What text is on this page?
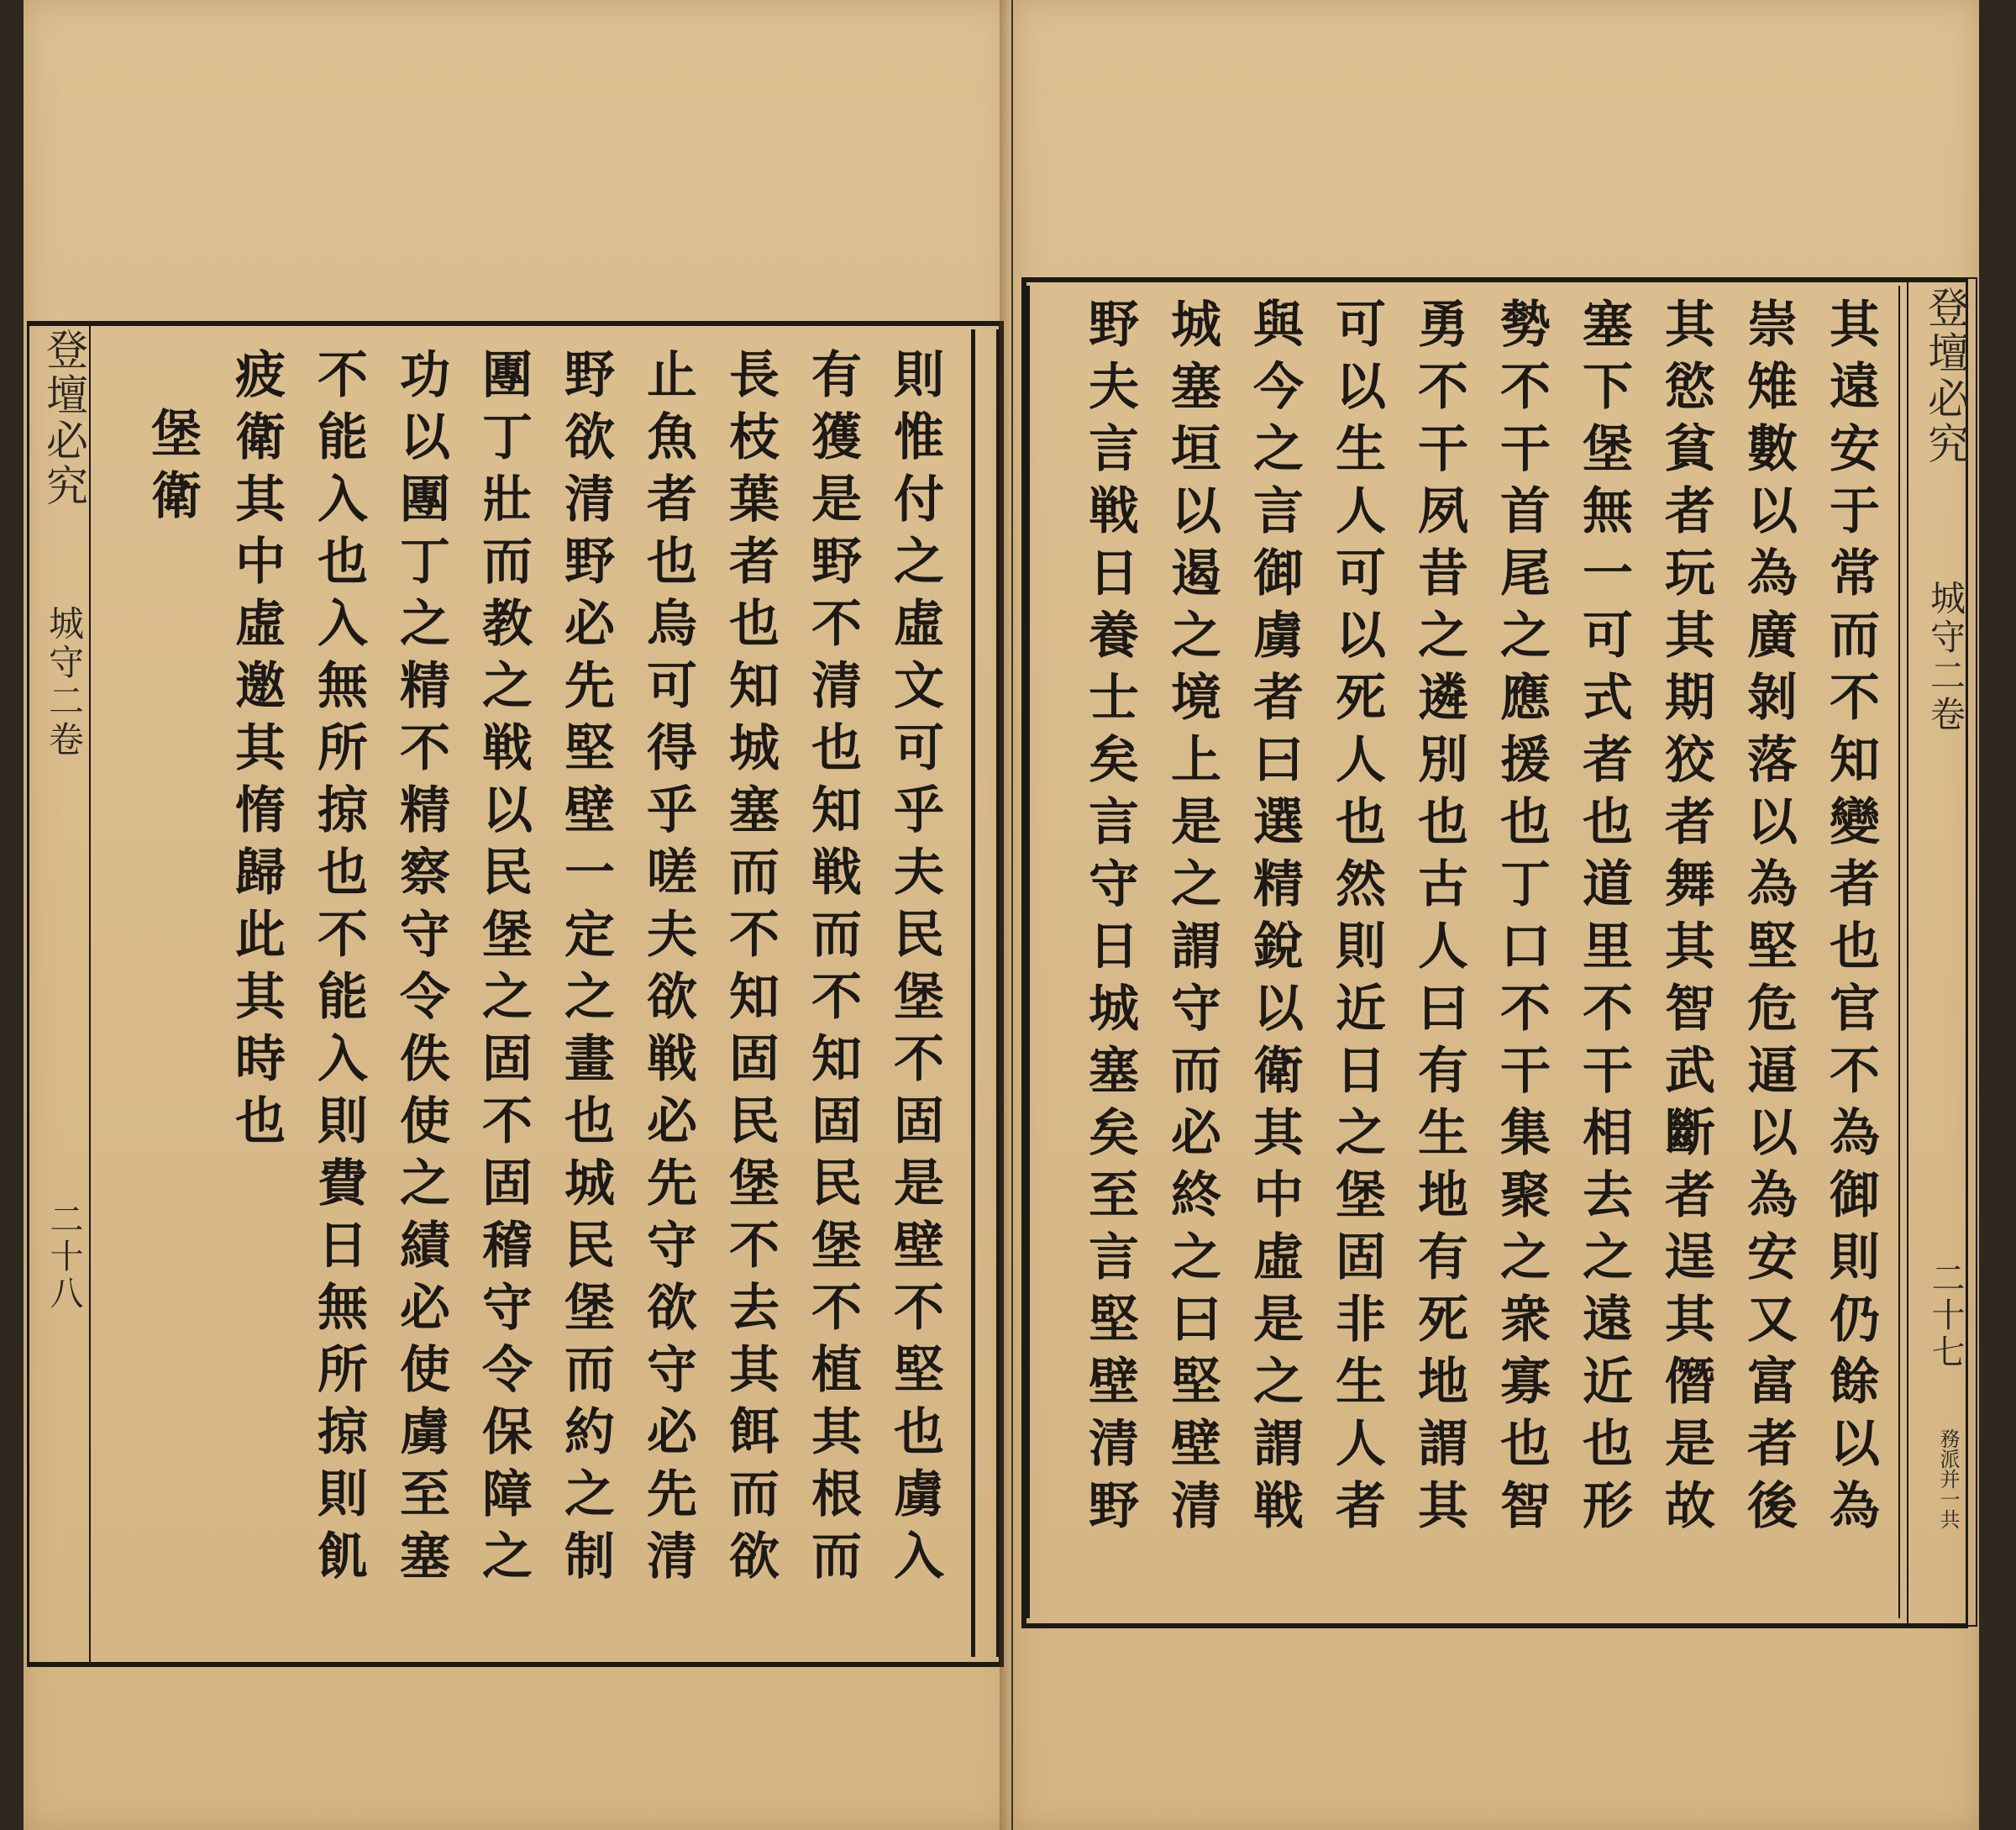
登壇必究
城守二卷
二十八
則
惟
付
之
虛
文
可
乎
夫
民
堡
不
固
是
壁
不
堅
也
虜
入
有
獲
是
野
不
清
也
知
戦
而
不
知
固
民
堡
不
植
其
根
而
長
枝
葉
者
也
知
城
塞
而
不
知
固
民
堡
不
去
其
餌
而
欲
止
魚
者
也
烏
可
得
乎
嗟
夫
欲
戦
必
先
守
欲
守
必
先
清
野
欲
清
野
必
先
堅
壁
一
定
之
畫
也
城
民
堡
而
約
之
制
團
丁
壯
而
教
之
戦
以
民
堡
之
固
不
固
稽
守
令
保
障
之
功
以
團
丁
之
精
不
精
察
守
令
佚
使
之
績
必
使
虜
至
塞
不
能
入
也
入
無
所
掠
也
不
能
入
則
費
日
無
所
掠
則
飢
疲
衛
其
中
虛
邀
其
惰
歸
此
其
時
也
堡
衛
登壇必究
城守二卷
二十七
務派并一共
其
遠
安
于
常
而
不
知
變
者
也
官
不
為
御
則
仍
餘
以
為
崇
雉
數
以
為
廣
剝
落
以
為
堅
危
逼
以
為
安
又
富
者
後
其
慾
貧
者
玩
其
期
狡
者
舞
其
智
武
斷
者
逞
其
僭
是
故
塞
下
堡
無
一
可
式
者
也
道
里
不
干
相
去
之
遠
近
也
形
勢
不
干
首
尾
之
應
援
也
丁
口
不
干
集
聚
之
衆
寡
也
智
勇
不
干
夙
昔
之
遴
別
也
古
人
曰
有
生
地
有
死
地
謂
其
可
以
生
人
可
以
死
人
也
然
則
近
日
之
堡
固
非
生
人
者
與
今
之
言
御
虜
者
曰
選
精
銳
以
衛
其
中
虛
是
之
謂
戦
城
塞
垣
以
遏
之
境
上
是
之
謂
守
而
必
終
之
曰
堅
壁
清
野
夫
言
戦
日
養
士
矣
言
守
日
城
塞
矣
至
言
堅
壁
清
野
